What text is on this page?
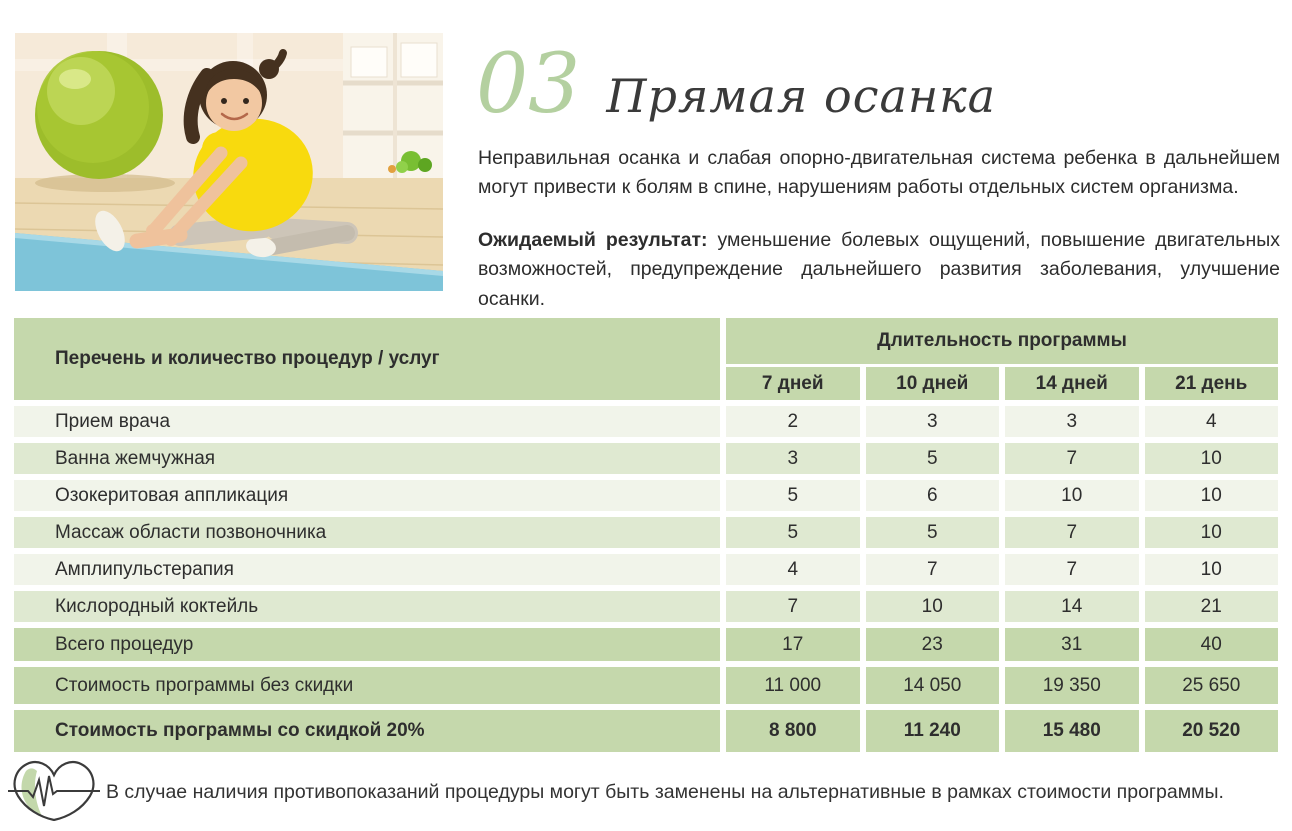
03 Прямая осанка

Неправильная осанка и слабая опорно-двигательная система ребенка в дальнейшем могут привести к болям в спине, нарушениям работы отдельных систем организма.

Ожидаемый результат: уменьшение болевых ощущений, повышение двигательных возможностей, предупреждение дальнейшего развития заболевания, улучшение осанки.

Перечень и количество процедур / услуг
Длительность программы
7 дней	10 дней	14 дней	21 день
Прием врача	2	3	3	4
Ванна жемчужная	3	5	7	10
Озокеритовая аппликация	5	6	10	10
Массаж области позвоночника	5	5	7	10
Амплипульстерапия	4	7	7	10
Кислородный коктейль	7	10	14	21
Всего процедур	17	23	31	40
Стоимость программы без скидки	11 000	14 050	19 350	25 650
Стоимость программы со скидкой 20%	8 800	11 240	15 480	20 520
В случае наличия противопоказаний процедуры могут быть заменены на альтернативные в рамках стоимости программы.
